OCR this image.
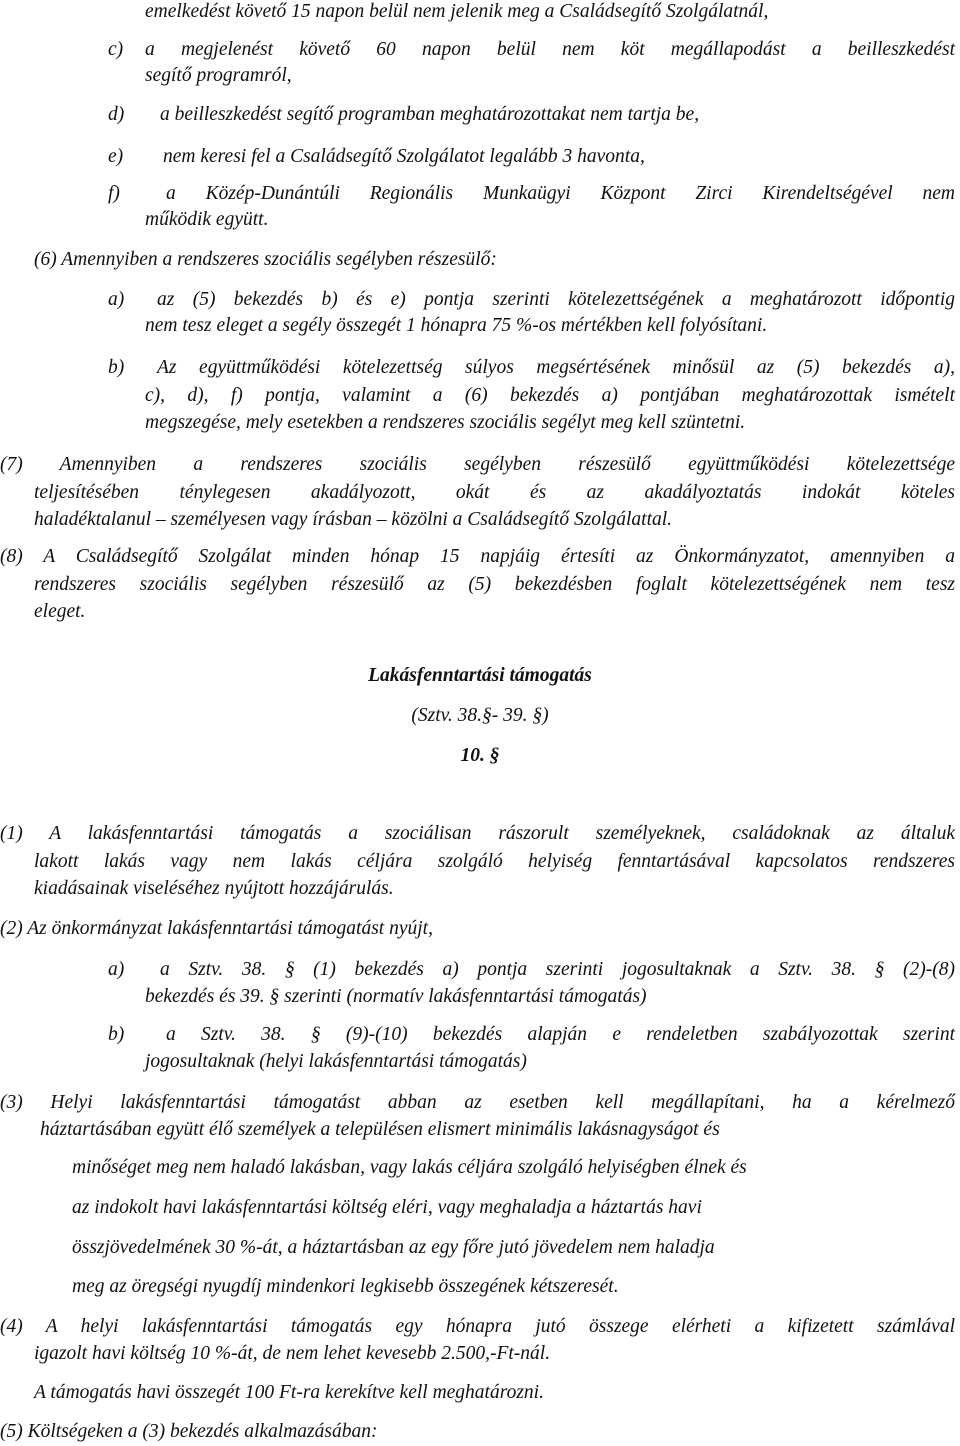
emelkedést követő 15 napon belül nem jelenik meg a Családsegítő Szolgálatnál,
c) a megjelenést követő 60 napon belül nem köt megállapodást a beilleszkedést
segítő programról,
d) a beilleszkedést segítő programban meghatározottakat nem tartja be,
e) nem keresi fel a Családsegítő Szolgálatot legalább 3 havonta,
f) a Közép-Dunántúli Regionális Munkaügyi Központ Zirci Kirendeltségével nem
működik együtt.
(6) Amennyiben a rendszeres szociális segélyben részesülő:
a) az (5) bekezdés b) és e) pontja szerinti kötelezettségének a meghatározott időpontig
nem tesz eleget a segély összegét 1 hónapra 75 %-os mértékben kell folyósítani.
b) Az együttműködési kötelezettség súlyos megsértésének minősül az (5) bekezdés a),
c), d), f) pontja, valamint a (6) bekezdés a) pontjában meghatározottak ismételt
megszegése, mely esetekben a rendszeres szociális segélyt meg kell szüntetni.
(7) Amennyiben a rendszeres szociális segélyben részesülő együttműködési kötelezettsége
teljesítésében ténylegesen akadályozott, okát és az akadályoztatás indokát köteles
haladéktalanul – személyesen vagy írásban – közölni a Családsegítő Szolgálattal.
(8) A Családsegítő Szolgálat minden hónap 15 napjáig értesíti az Önkormányzatot, amennyiben a
rendszeres szociális segélyben részesülő az (5) bekezdésben foglalt kötelezettségének nem tesz
eleget.
Lakásfenntartási támogatás
(Sztv. 38.§- 39. §)
10. §
(1) A lakásfenntartási támogatás a szociálisan rászorult személyeknek, családoknak az általuk
lakott lakás vagy nem lakás céljára szolgáló helyiség fenntartásával kapcsolatos rendszeres
kiadásainak viseléséhez nyújtott hozzájárulás.
(2) Az önkormányzat lakásfenntartási támogatást nyújt,
a) a Sztv. 38. § (1) bekezdés a) pontja szerinti jogosultaknak a Sztv. 38. § (2)-(8)
bekezdés és 39. § szerinti (normatív lakásfenntartási támogatás)
b) a Sztv. 38. § (9)-(10) bekezdés alapján e rendeletben szabályozottak szerint
jogosultaknak (helyi lakásfenntartási támogatás)
(3) Helyi lakásfenntartási támogatást abban az esetben kell megállapítani, ha a kérelmező
háztartásában együtt élő személyek a településen elismert minimális lakásnagyságot és
minőséget meg nem haladó lakásban, vagy lakás céljára szolgáló helyiségben élnek és
az indokolt havi lakásfenntartási költség eléri, vagy meghaladja a háztartás havi
összjövedelmének 30 %-át, a háztartásban az egy főre jutó jövedelem nem haladja
meg az öregségi nyugdíj mindenkori legkisebb összegének kétszeresét.
(4) A helyi lakásfenntartási támogatás egy hónapra jutó összege elérheti a kifizetett számlával
igazolt havi költség 10 %-át, de nem lehet kevesebb 2.500,-Ft-nál.
A támogatás havi összegét 100 Ft-ra kerekítve kell meghatározni.
(5) Költségeken a (3) bekezdés alkalmazásában:
